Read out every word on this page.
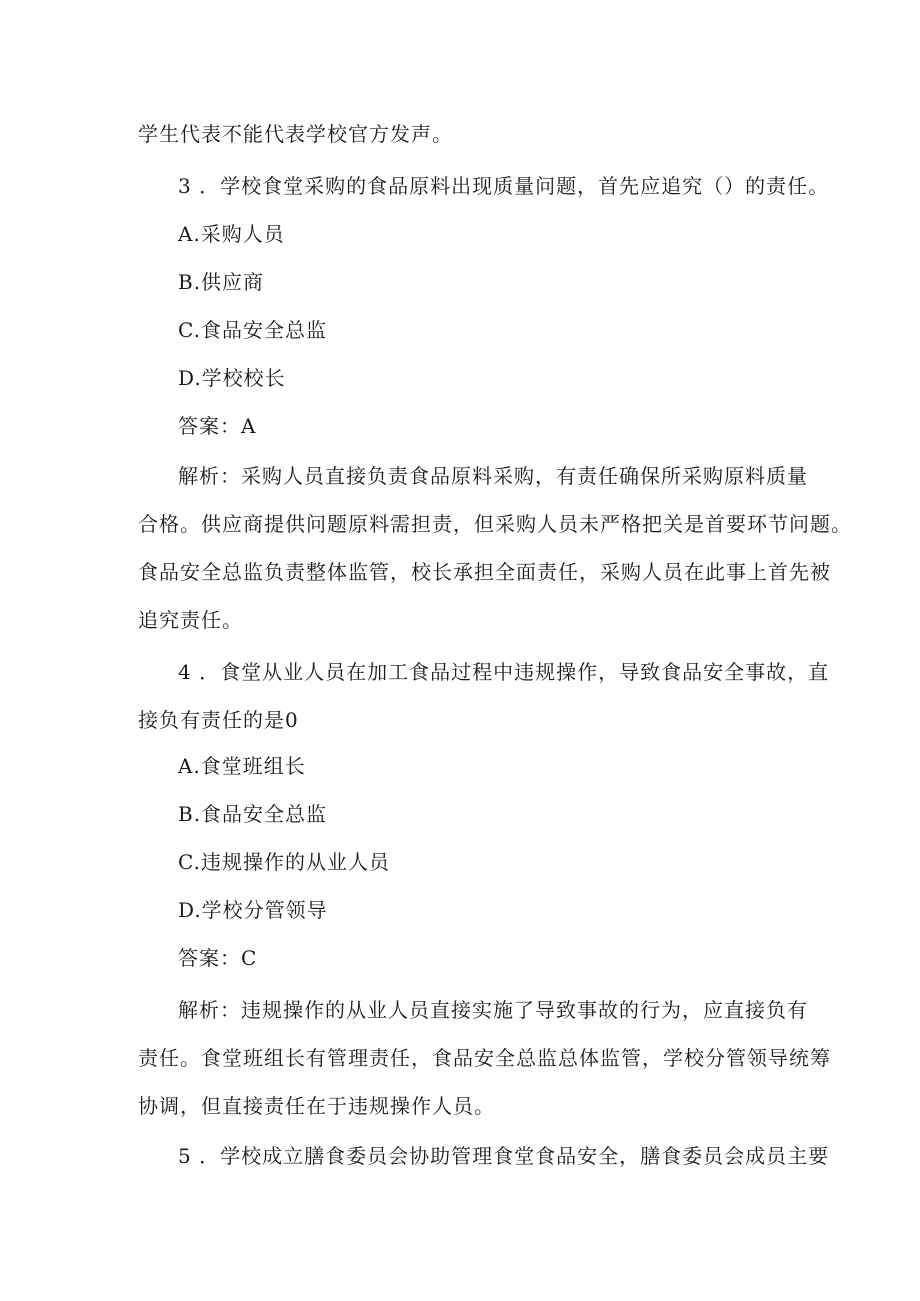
学生代表不能代表学校官方发声。
3 ．学校食堂采购的食品原料出现质量问题，首先应追究（）的责任。
A.采购人员
B.供应商
C.食品安全总监
D.学校校长
答案：A
解析：采购人员直接负责食品原料采购，有责任确保所采购原料质量
合格。供应商提供问题原料需担责，但采购人员未严格把关是首要环节问题。
食品安全总监负责整体监管，校长承担全面责任，采购人员在此事上首先被
追究责任。
4 ．食堂从业人员在加工食品过程中违规操作，导致食品安全事故，直
接负有责任的是0
A.食堂班组长
B.食品安全总监
C.违规操作的从业人员
D.学校分管领导
答案：C
解析：违规操作的从业人员直接实施了导致事故的行为，应直接负有
责任。食堂班组长有管理责任，食品安全总监总体监管，学校分管领导统筹
协调，但直接责任在于违规操作人员。
5 ．学校成立膳食委员会协助管理食堂食品安全，膳食委员会成员主要
